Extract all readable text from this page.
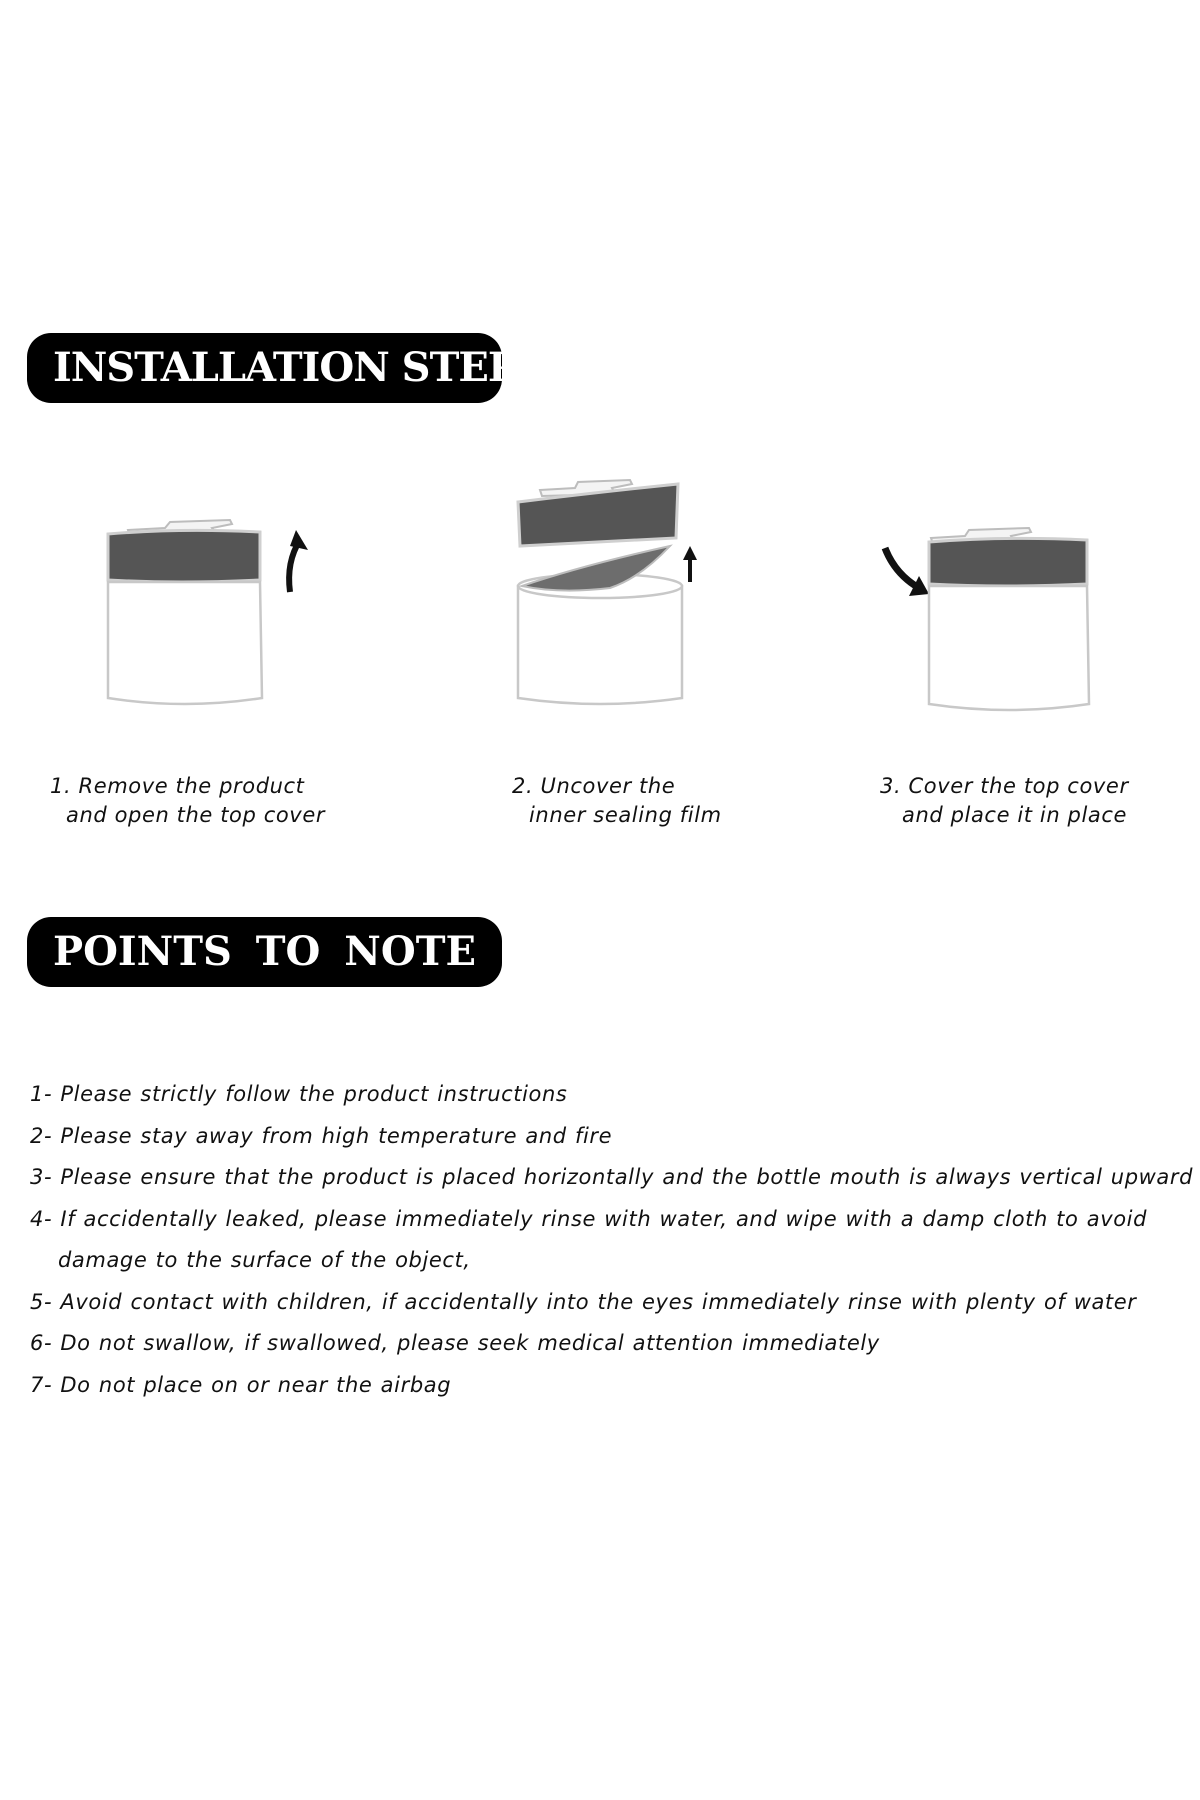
INSTALLATION STEPS
1. Remove the product
and open the top cover
2. Uncover the
inner sealing film
3. Cover the top cover
and place it in place
POINTS TO NOTE
1- Please strictly follow the product instructions
2- Please stay away from high temperature and fire
3- Please ensure that the product is placed horizontally and the bottle mouth is always vertical upward
4- If accidentally leaked, please immediately rinse with water, and wipe with a damp cloth to avoid
damage to the surface of the object,
5- Avoid contact with children, if accidentally into the eyes immediately rinse with plenty of water
6- Do not swallow, if swallowed, please seek medical attention immediately
7- Do not place on or near the airbag
